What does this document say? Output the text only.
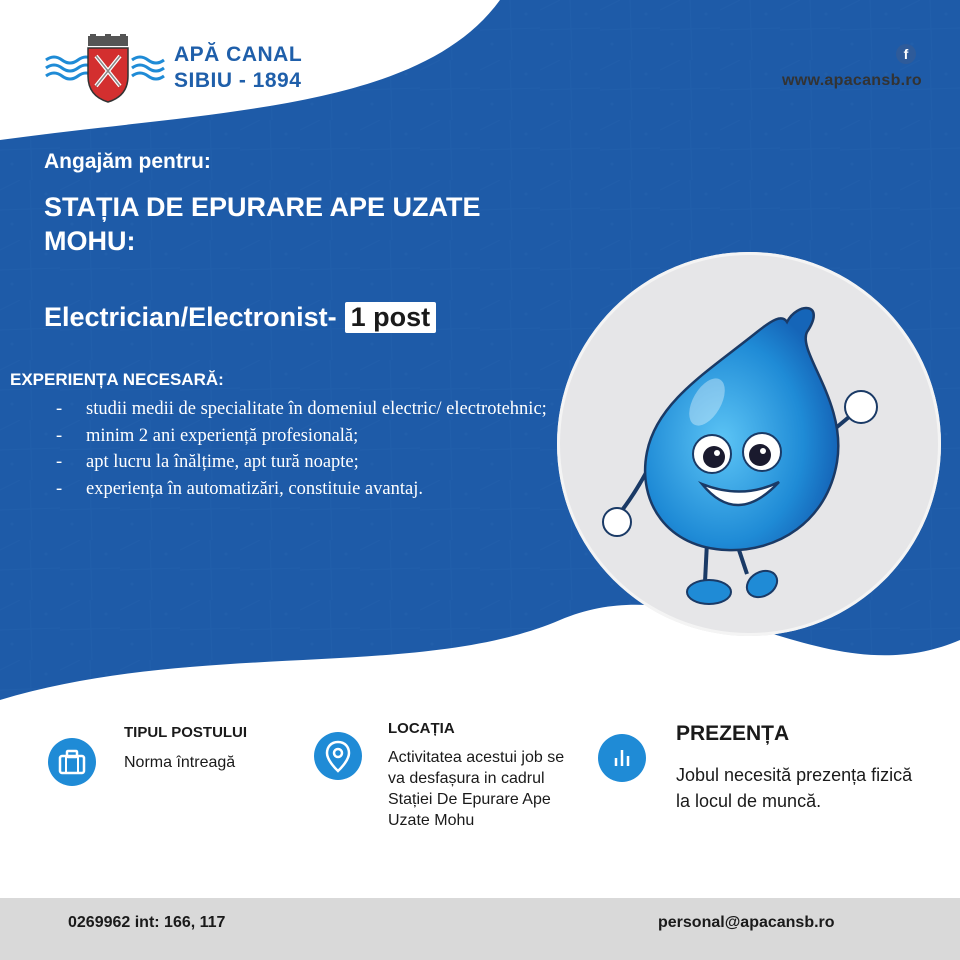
APĂ CANAL
SIBIU - 1894
f
www.apacansb.ro
Angajăm pentru:
STAȚIA DE EPURARE APE UZATE
MOHU:
Electrician/Electronist- 1 post
EXPERIENȚA NECESARĂ:
- studii medii de specialitate în domeniul electric/ electrotehnic;
- minim 2 ani experiență profesională;
- apt lucru la înălțime, apt tură noapte;
- experiența în automatizări, constituie avantaj.
TIPUL POSTULUI
Norma întreagă
LOCAȚIA
Activitatea acestui job se va desfașura in cadrul Stației De Epurare Ape Uzate Mohu
PREZENȚA
Jobul necesită prezența fizică la locul de muncă.
0269962 int: 166, 117	personal@apacansb.ro
